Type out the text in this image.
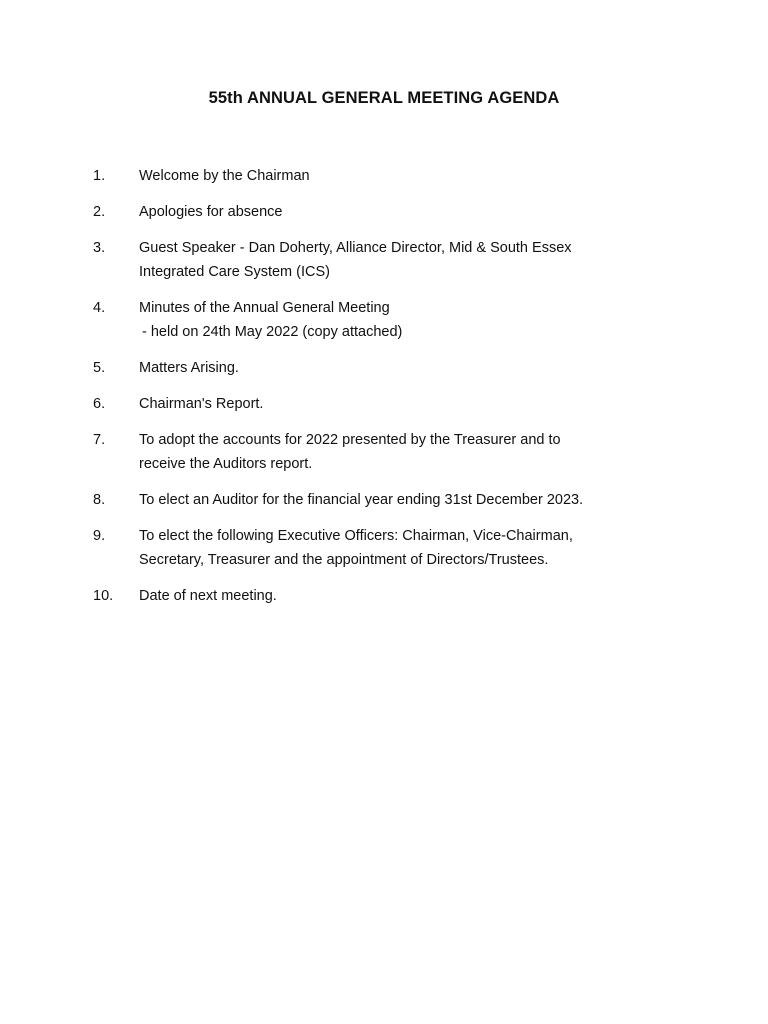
55th ANNUAL GENERAL MEETING AGENDA
1. Welcome by the Chairman
2. Apologies for absence
3. Guest Speaker - Dan Doherty, Alliance Director, Mid & South Essex
Integrated Care System (ICS)
4. Minutes of the Annual General Meeting
- held on 24th May 2022 (copy attached)
5. Matters Arising.
6. Chairman's Report.
7. To adopt the accounts for 2022 presented by the Treasurer and to
receive the Auditors report.
8. To elect an Auditor for the financial year ending 31st December 2023.
9. To elect the following Executive Officers: Chairman, Vice-Chairman,
Secretary, Treasurer and the appointment of Directors/Trustees.
10. Date of next meeting.
